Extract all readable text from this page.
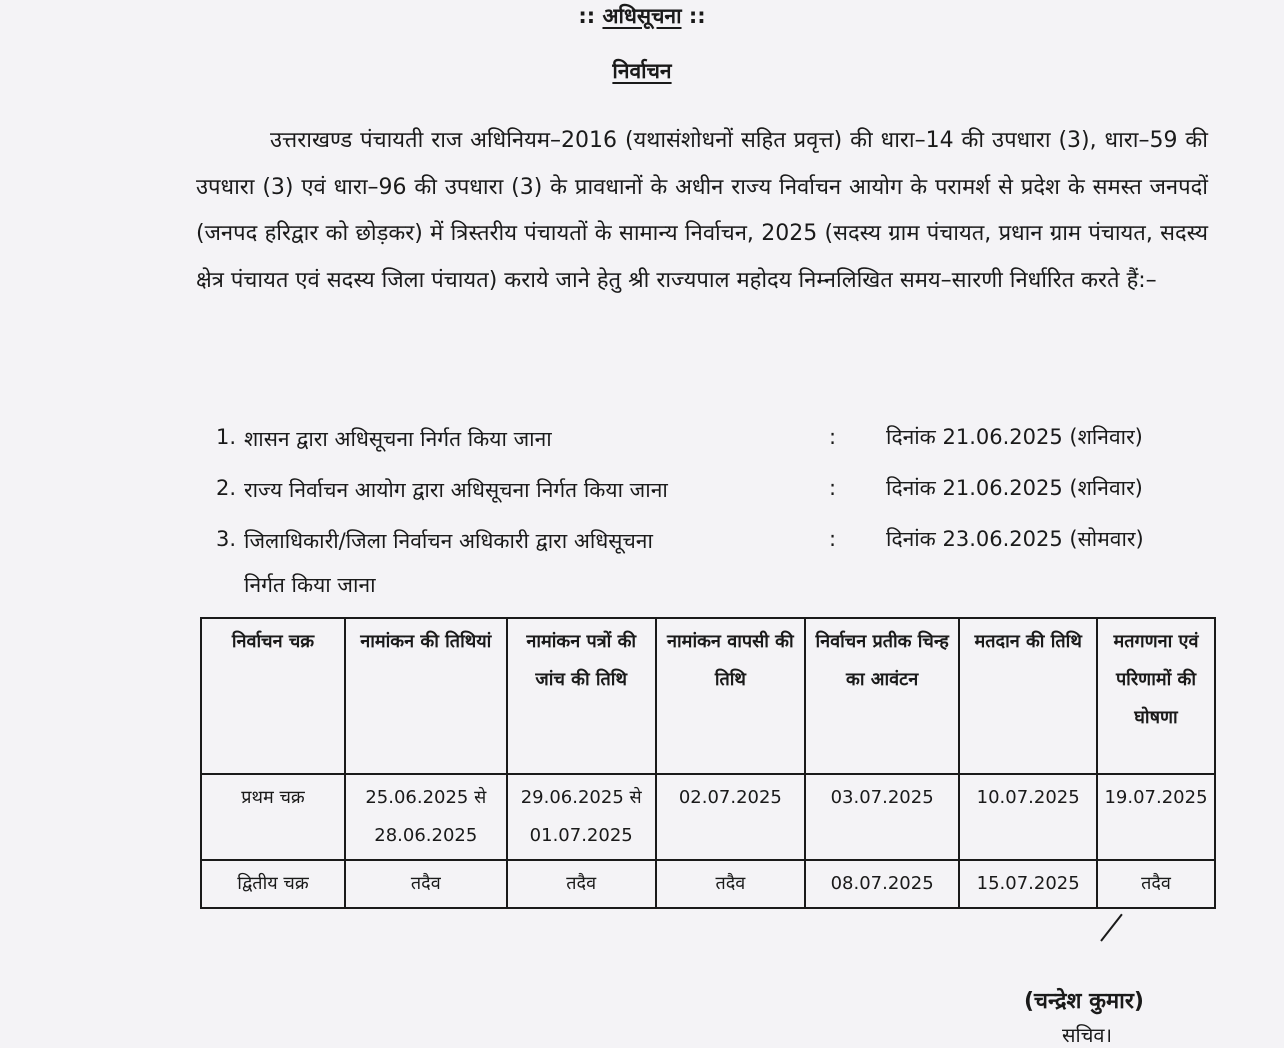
:: अधिसूचना ::
निर्वाचन
उत्तराखण्ड पंचायती राज अधिनियम–2016 (यथासंशोधनों सहित प्रवृत्त) की धारा–14 की उपधारा (3), धारा–59 की उपधारा (3) एवं धारा–96 की उपधारा (3) के प्रावधानों के अधीन राज्य निर्वाचन आयोग के परामर्श से प्रदेश के समस्त जनपदों (जनपद हरिद्वार को छोड़कर) में त्रिस्तरीय पंचायतों के सामान्य निर्वाचन, 2025 (सदस्य ग्राम पंचायत, प्रधान ग्राम पंचायत, सदस्य क्षेत्र पंचायत एवं सदस्य जिला पंचायत) कराये जाने हेतु श्री राज्यपाल महोदय निम्नलिखित समय–सारणी निर्धारित करते हैं:–
1. शासन द्वारा अधिसूचना निर्गत किया जाना	: दिनांक 21.06.2025 (शनिवार)
2. राज्य निर्वाचन आयोग द्वारा अधिसूचना निर्गत किया जाना	: दिनांक 21.06.2025 (शनिवार)
3. जिलाधिकारी/जिला निर्वाचन अधिकारी द्वारा अधिसूचना
निर्गत किया जाना
: दिनांक 23.06.2025 (सोमवार)
निर्वाचन चक्र	नामांकन की तिथियां	नामांकन पत्रों की जांच की तिथि	नामांकन वापसी की तिथि	निर्वाचन प्रतीक चिन्ह का आवंटन	मतदान की तिथि	मतगणना एवं परिणामों की घोषणा
प्रथम चक्र	25.06.2025 से 28.06.2025	29.06.2025 से 01.07.2025	02.07.2025	03.07.2025	10.07.2025	19.07.2025
द्वितीय चक्र	तदैव	तदैव	तदैव	08.07.2025	15.07.2025	तदैव
(चन्द्रेश कुमार)
सचिव।
